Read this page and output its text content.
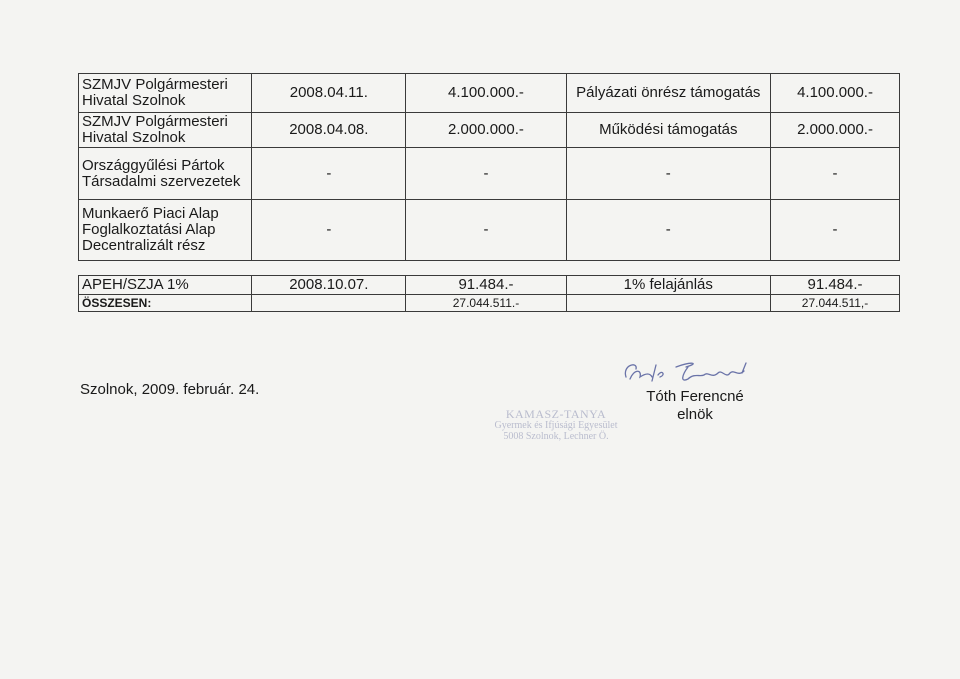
SZMJV Polgármesteri Hivatal Szolnok	2008.04.11.	4.100.000.-	Pályázati önrész támogatás	4.100.000.-
SZMJV Polgármesteri Hivatal Szolnok	2008.04.08.	2.000.000.-	Működési támogatás	2.000.000.-
Országgyűlési Pártok Társadalmi szervezetek	-	-	-	-
Munkaerő Piaci Alap Foglalkoztatási Alap Decentralizált rész	-	-	-	-

APEH/SZJA 1%	2008.10.07.	91.484.-	1% felajánlás	91.484.-
ÖSSZESEN:		27.044.511.-		27.044.511,-
Szolnok, 2009. február. 24.	Tóth Ferencné
elnök
KAMASZ-TANYA
Gyermek és Ifjúsági Egyesület
5008 Szolnok, Lechner Ö.
